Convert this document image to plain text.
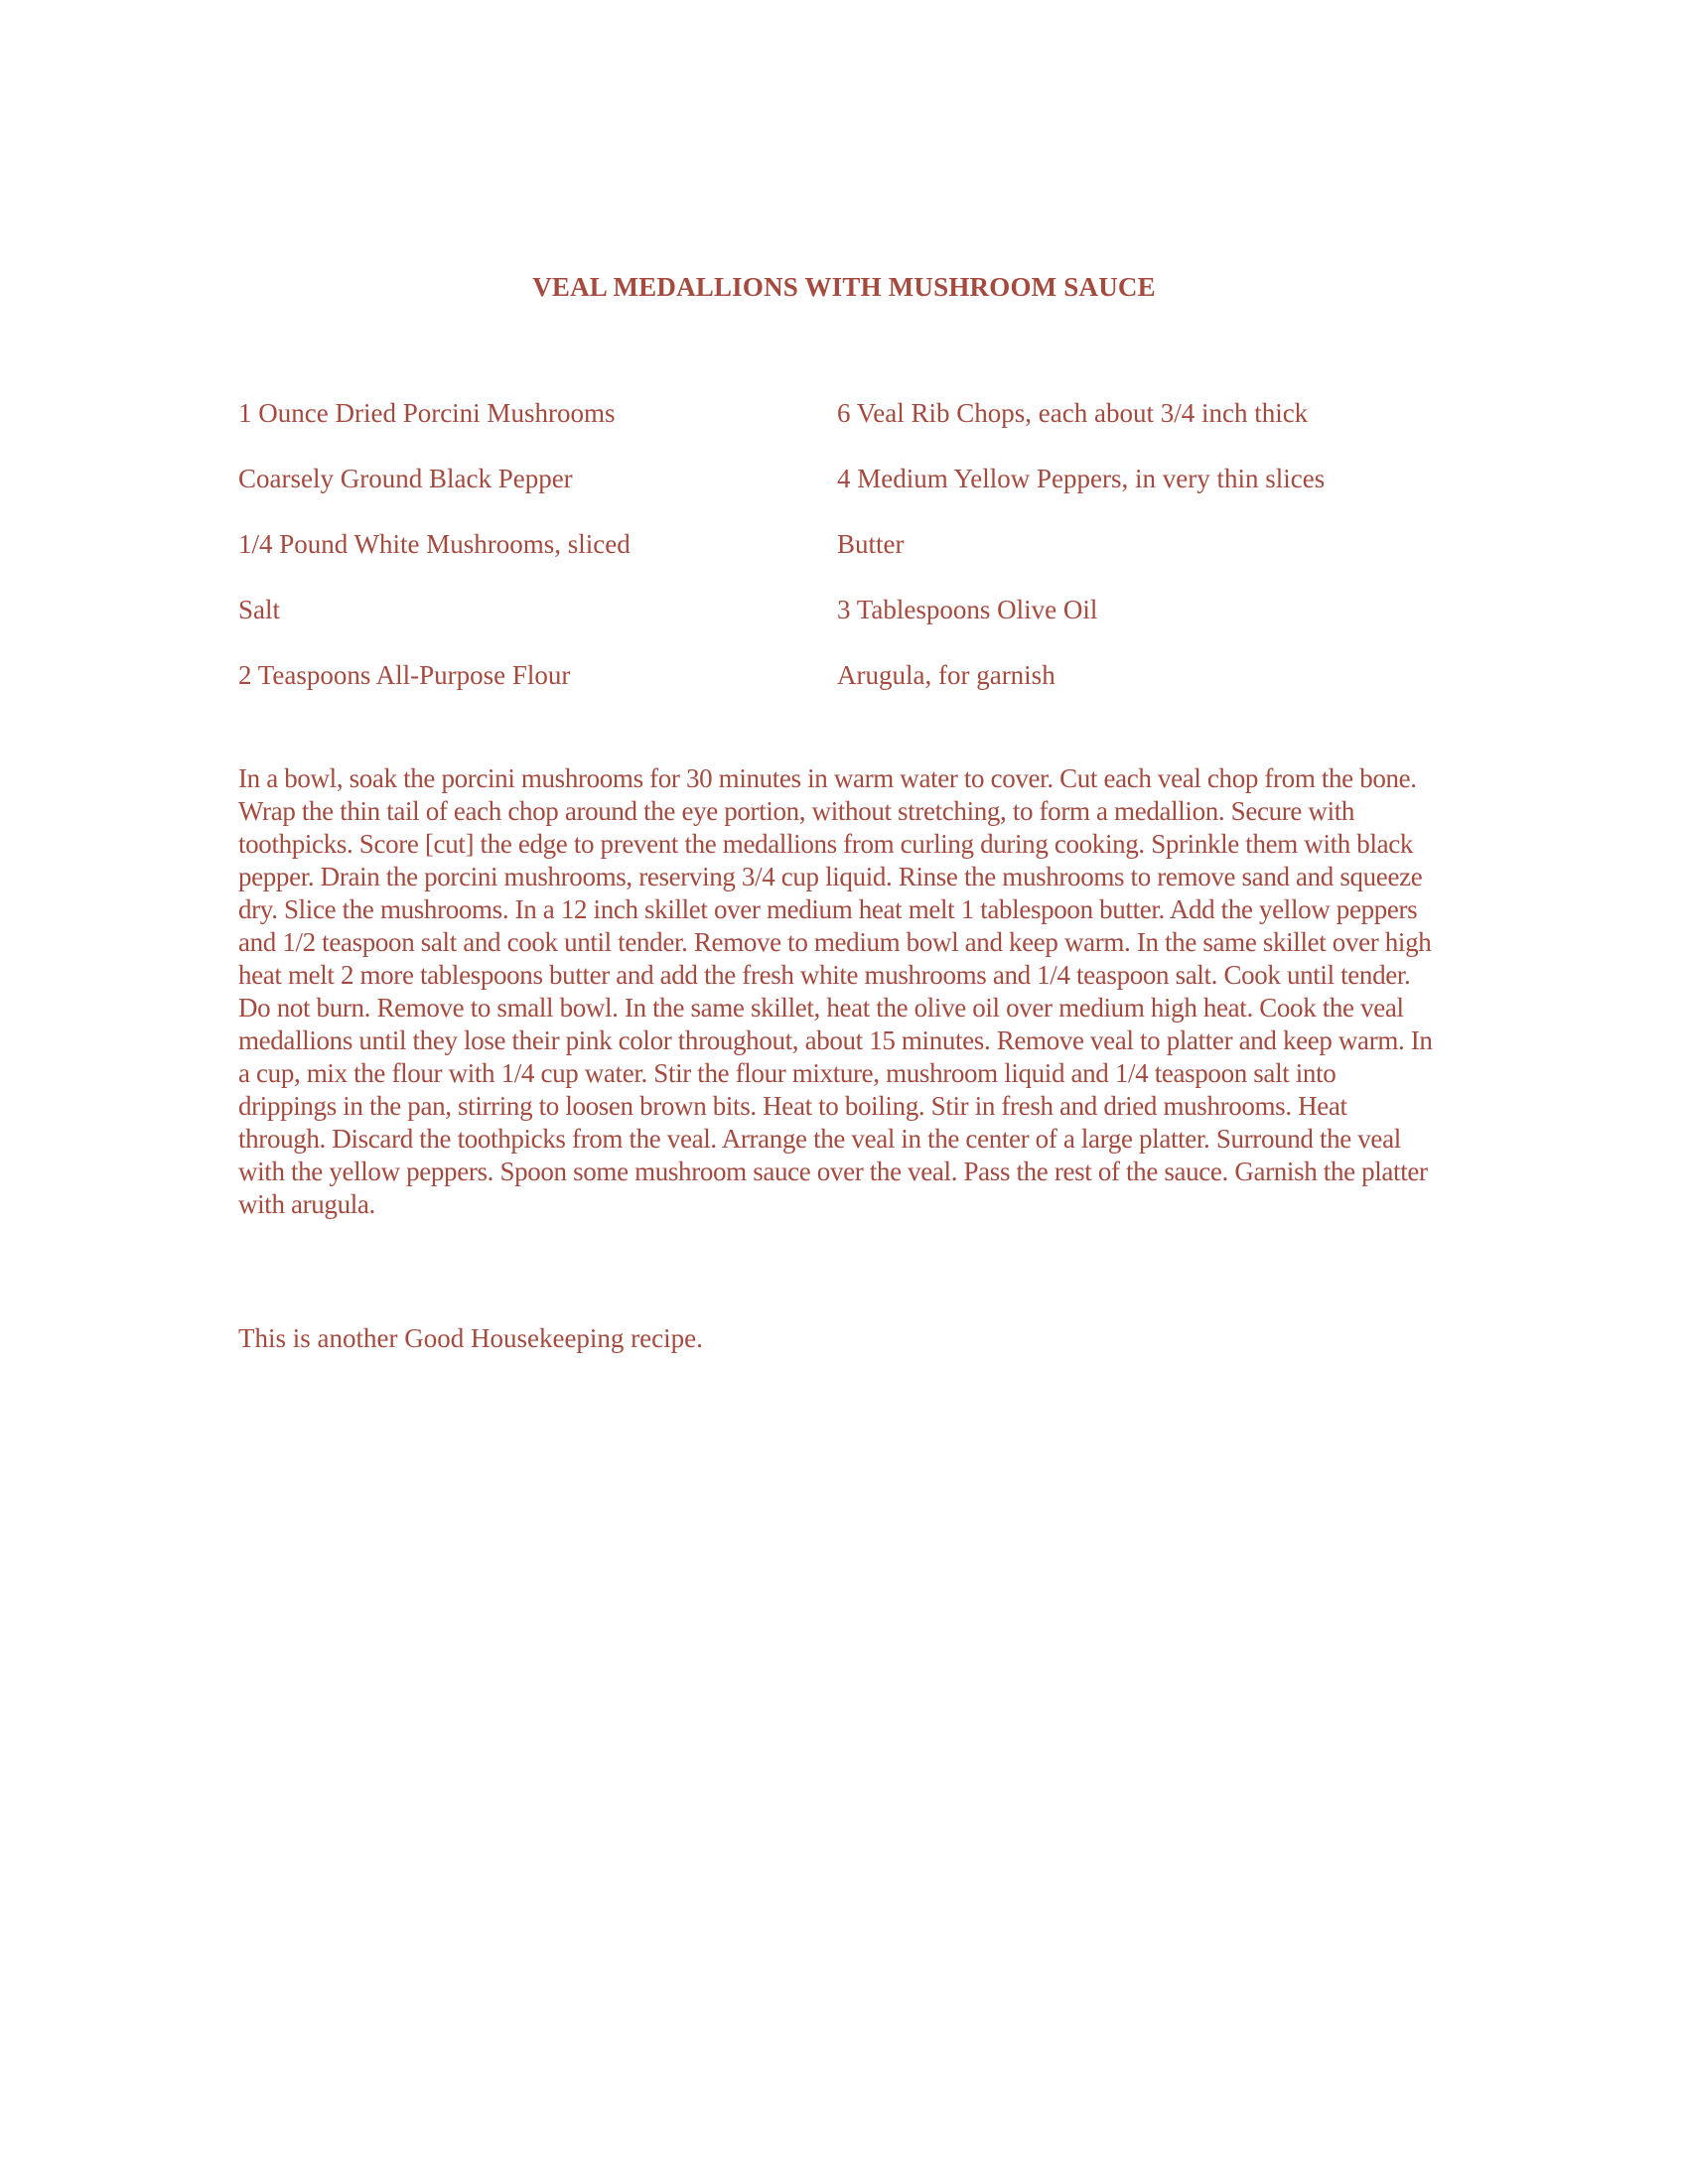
VEAL MEDALLIONS WITH MUSHROOM SAUCE
1 Ounce Dried Porcini Mushrooms
Coarsely Ground Black Pepper
1/4 Pound White Mushrooms, sliced
Salt
2 Teaspoons All-Purpose Flour
6 Veal Rib Chops, each about 3/4 inch thick
4 Medium Yellow Peppers, in very thin slices
Butter
3 Tablespoons Olive Oil
Arugula, for garnish

In a bowl, soak the porcini mushrooms for 30 minutes in warm water to cover. Cut each veal chop from the bone. Wrap the thin tail of each chop around the eye portion, without stretching, to form a medallion. Secure with toothpicks. Score [cut] the edge to prevent the medallions from curling during cooking. Sprinkle them with black pepper. Drain the porcini mushrooms, reserving 3/4 cup liquid. Rinse the mushrooms to remove sand and squeeze dry. Slice the mushrooms. In a 12 inch skillet over medium heat melt 1 tablespoon butter. Add the yellow peppers and 1/2 teaspoon salt and cook until tender. Remove to medium bowl and keep warm. In the same skillet over high heat melt 2 more tablespoons butter and add the fresh white mushrooms and 1/4 teaspoon salt. Cook until tender. Do not burn. Remove to small bowl. In the same skillet, heat the olive oil over medium high heat. Cook the veal medallions until they lose their pink color throughout, about 15 minutes. Remove veal to platter and keep warm. In a cup, mix the flour with 1/4 cup water. Stir the flour mixture, mushroom liquid and 1/4 teaspoon salt into drippings in the pan, stirring to loosen brown bits. Heat to boiling. Stir in fresh and dried mushrooms. Heat through. Discard the toothpicks from the veal. Arrange the veal in the center of a large platter. Surround the veal with the yellow peppers. Spoon some mushroom sauce over the veal. Pass the rest of the sauce. Garnish the platter with arugula.

This is another Good Housekeeping recipe.
